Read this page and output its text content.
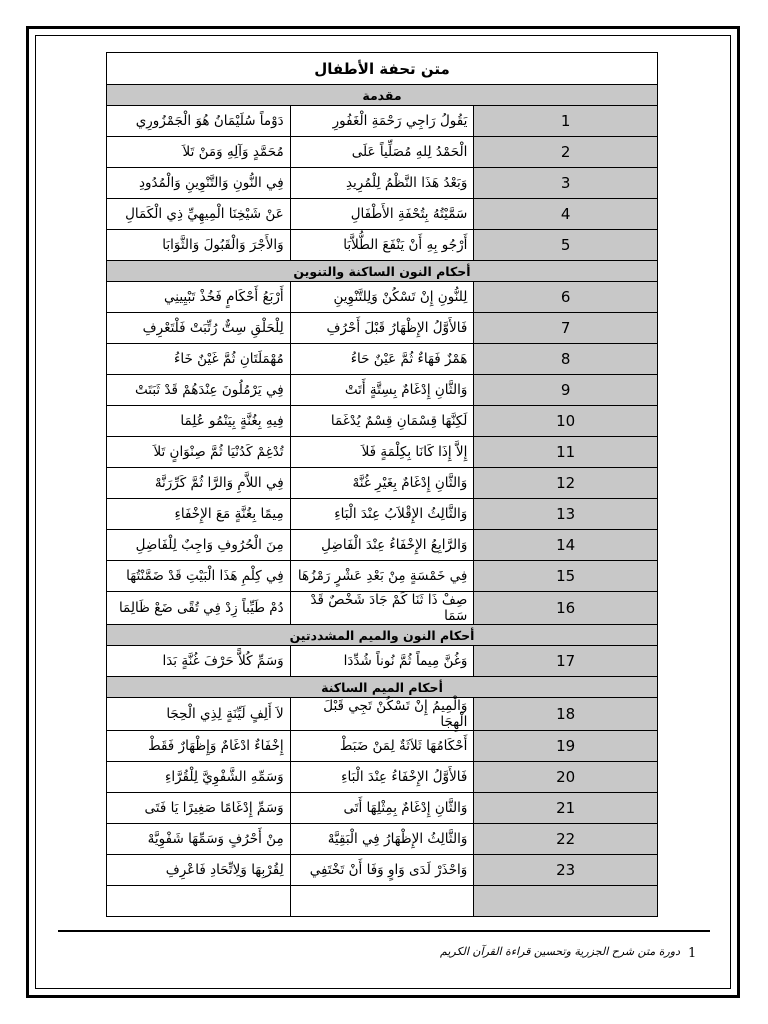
متن تحفة الأطفال		
مقدمة		
1	يَقُولُ رَاجِي رَحْمَةِ الْغَفُورِ	دَوْماً سُلَيْمَانُ هُوَ الْجَمْزُورِي
2	الْحَمْدُ لِلهِ مُصَلِّياً عَلَى	مُحَمَّدٍ وَآلِهِ وَمَنْ تَلاَ
3	وَبَعْدُ هَذَا النَّظْمُ لِلْمُرِيدِ	فِي النُّونِ وَالتَّنْوِينِ وَالْمُدُودِ
4	سَمَّيْتُهُ بِتُحْفَةِ الأَطْفَالِ	عَنْ شَيْخِنَا الْمِيهِيِّ ذِي الْكَمَالِ
5	أَرْجُو بِهِ أَنْ يَنْفَعَ الطُّلاَّبَا	وَالأَجْرَ وَالْقَبُولَ وَالثَّوَابَا
أحكام النون الساكنة والتنوين		
6	لِلنُّونِ إِنْ تَسْكُنْ وَلِلتَّنْوِينِ	أَرْبَعُ أَحْكَامٍ فَخُذْ تَبْيِينِي
7	فَالأَوَّلُ الإِظْهَارُ قَبْلَ أَحْرُفِ	لِلْحَلْقِ سِتٌّ رُتِّبَتْ فَلْتَعْرِفِ
8	هَمْزٌ فَهَاءٌ ثُمَّ عَيْنٌ حَاءُ	مُهْمَلَتَانِ ثُمَّ غَيْنٌ خَاءُ
9	وَالثَّانِ إِدْغَامٌ بِسِتَّةٍ أَتَتْ	فِي يَرْمُلُونَ عِنْدَهُمْ قَدْ ثَبَتَتْ
10	لَكِنَّهَا قِسْمَانِ قِسْمٌ يُدْغَمَا	فِيهِ بِغُنَّةٍ بِيَنْمُو عُلِمَا
11	إِلاَّ إِذَا كَانَا بِكِلْمَةٍ فَلاَ	تُدْغِمْ كَدُنْيَا ثُمَّ صِنْوَانٍ تَلاَ
12	وَالثَّانِ إِدْغَامٌ بِغَيْرِ غُنَّهْ	فِي اللاَّمِ وَالرَّا ثُمَّ كَرِّرَنَّهْ
13	وَالثَّالِثُ الإِقْلاَبُ عِنْدَ الْبَاءِ	مِيمًا بِغُنَّةٍ مَعَ الإِخْفَاءِ
14	وَالرَّابِعُ الإِخْفَاءُ عِنْدَ الْفَاضِلِ	مِنَ الْحُرُوفِ وَاجِبٌ لِلْفَاضِلِ
15	فِي خَمْسَةٍ مِنْ بَعْدِ عَشْرٍ رَمْزُهَا	فِي كِلْمِ هَذَا الْبَيْتِ قَدْ ضَمَّنْتُهَا
16	صِفْ ذَا ثَنَا كَمْ جَادَ شَخْصٌ قَدْ سَمَا	دُمْ طَيِّباً زِدْ فِي تُقًى ضَعْ ظَالِمَا
أحكام النون والميم المشددتين		
17	وَغُنَّ مِيماً ثُمَّ نُوناً شُدِّدَا	وَسَمِّ كُلاًّ حَرْفَ غُنَّةٍ بَدَا
أحكام الميم الساكنة		
18	وَالْمِيمُ إِنْ تَسْكُنْ تَجِي قَبْلَ الْهِجَا	لاَ أَلِفٍ لَيِّنَةٍ لِذِي الْحِجَا
19	أَحْكَامُهَا ثَلاَثَةٌ لِمَنْ ضَبَطْ	إِخْفَاءٌ ادْغَامٌ وَإِظْهَارٌ فَقَطْ
20	فَالأَوَّلُ الإِخْفَاءُ عِنْدَ الْبَاءِ	وَسَمِّهِ الشَّفْوِيَّ لِلْقُرَّاءِ
21	وَالثَّانِ إِدْغَامٌ بِمِثْلِهَا أَتَى	وَسَمِّ إِدْغَامًا صَغِيرًا يَا فَتَى
22	وَالثَّالِثُ الإِظْهَارُ فِي الْبَقِيَّهْ	مِنْ أَحْرُفٍ وَسَمِّهَا شَفْوِيَّهْ
23	وَاحْذَرْ لَدَى وَاوٍ وَفَا أَنْ تَخْتَفِي	لِقُرْبِهَا وَلِاتِّحَادِ فَاعْرِفِ

دورة متن شرح الجزرية وتحسين قراءة القرآن الكريم 1
